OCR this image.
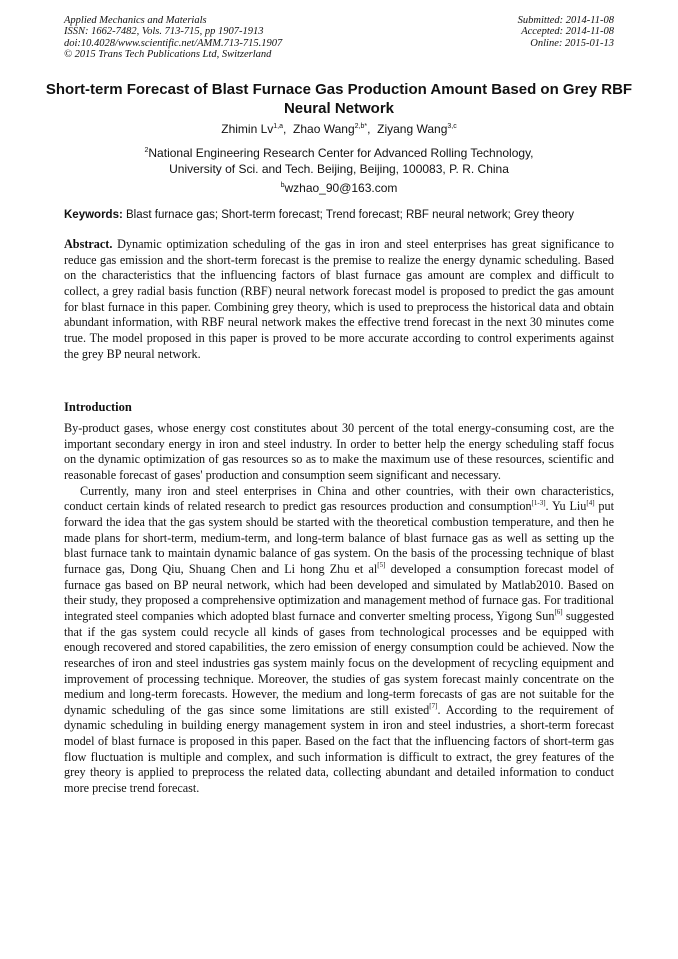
Applied Mechanics and Materials
ISSN: 1662-7482, Vols. 713-715, pp 1907-1913
doi:10.4028/www.scientific.net/AMM.713-715.1907
© 2015 Trans Tech Publications Ltd, Switzerland
Submitted: 2014-11-08
Accepted: 2014-11-08
Online: 2015-01-13
Short-term Forecast of Blast Furnace Gas Production Amount Based on Grey RBF Neural Network
Zhimin Lv$^{1,a}$,  Zhao Wang$^{2,b*}$,  Ziyang Wang$^{3,c}$
$^2$National Engineering Research Center for Advanced Rolling Technology,
University of Sci. and Tech. Beijing, Beijing, 100083, P. R. China
$^b$wzhao_90@163.com
Keywords: Blast furnace gas; Short-term forecast; Trend forecast; RBF neural network; Grey theory
Abstract. Dynamic optimization scheduling of the gas in iron and steel enterprises has great significance to reduce gas emission and the short-term forecast is the premise to realize the energy dynamic scheduling. Based on the characteristics that the influencing factors of blast furnace gas amount are complex and difficult to collect, a grey radial basis function (RBF) neural network forecast model is proposed to predict the gas amount for blast furnace in this paper. Combining grey theory, which is used to preprocess the historical data and obtain abundant information, with RBF neural network makes the effective trend forecast in the next 30 minutes come true. The model proposed in this paper is proved to be more accurate according to control experiments against the grey BP neural network.
Introduction

By-product gases, whose energy cost constitutes about 30 percent of the total energy-consuming cost, are the important secondary energy in iron and steel industry. In order to better help the energy scheduling staff focus on the dynamic optimization of gas resources so as to make the maximum use of these resources, scientific and reasonable forecast of gases' production and consumption seem significant and necessary.

Currently, many iron and steel enterprises in China and other countries, with their own characteristics, conduct certain kinds of related research to predict gas resources production and consumption[1-3]. Yu Liu[4] put forward the idea that the gas system should be started with the theoretical combustion temperature, and then he made plans for short-term, medium-term, and long-term balance of blast furnace gas as well as setting up the blast furnace tank to maintain dynamic balance of gas system. On the basis of the processing technique of blast furnace gas, Dong Qiu, Shuang Chen and Li hong Zhu et al[5] developed a consumption forecast model of furnace gas based on BP neural network, which had been developed and simulated by Matlab2010. Based on their study, they proposed a comprehensive optimization and management method of furnace gas. For traditional integrated steel companies which adopted blast furnace and converter smelting process, Yigong Sun[6] suggested that if the gas system could recycle all kinds of gases from technological processes and be equipped with enough recovered and stored capabilities, the zero emission of energy consumption could be achieved. Now the researches of iron and steel industries gas system mainly focus on the development of recycling equipment and improvement of processing technique. Moreover, the studies of gas system forecast mainly concentrate on the medium and long-term forecasts. However, the medium and long-term forecasts of gas are not suitable for the dynamic scheduling of the gas since some limitations are still existed[7]. According to the requirement of dynamic scheduling in building energy management system in iron and steel industries, a short-term forecast model of blast furnace is proposed in this paper. Based on the fact that the influencing factors of short-term gas flow fluctuation is multiple and complex, and such information is difficult to extract, the grey features of the grey theory is applied to preprocess the related data, collecting abundant and detailed information to conduct more precise trend forecast.
